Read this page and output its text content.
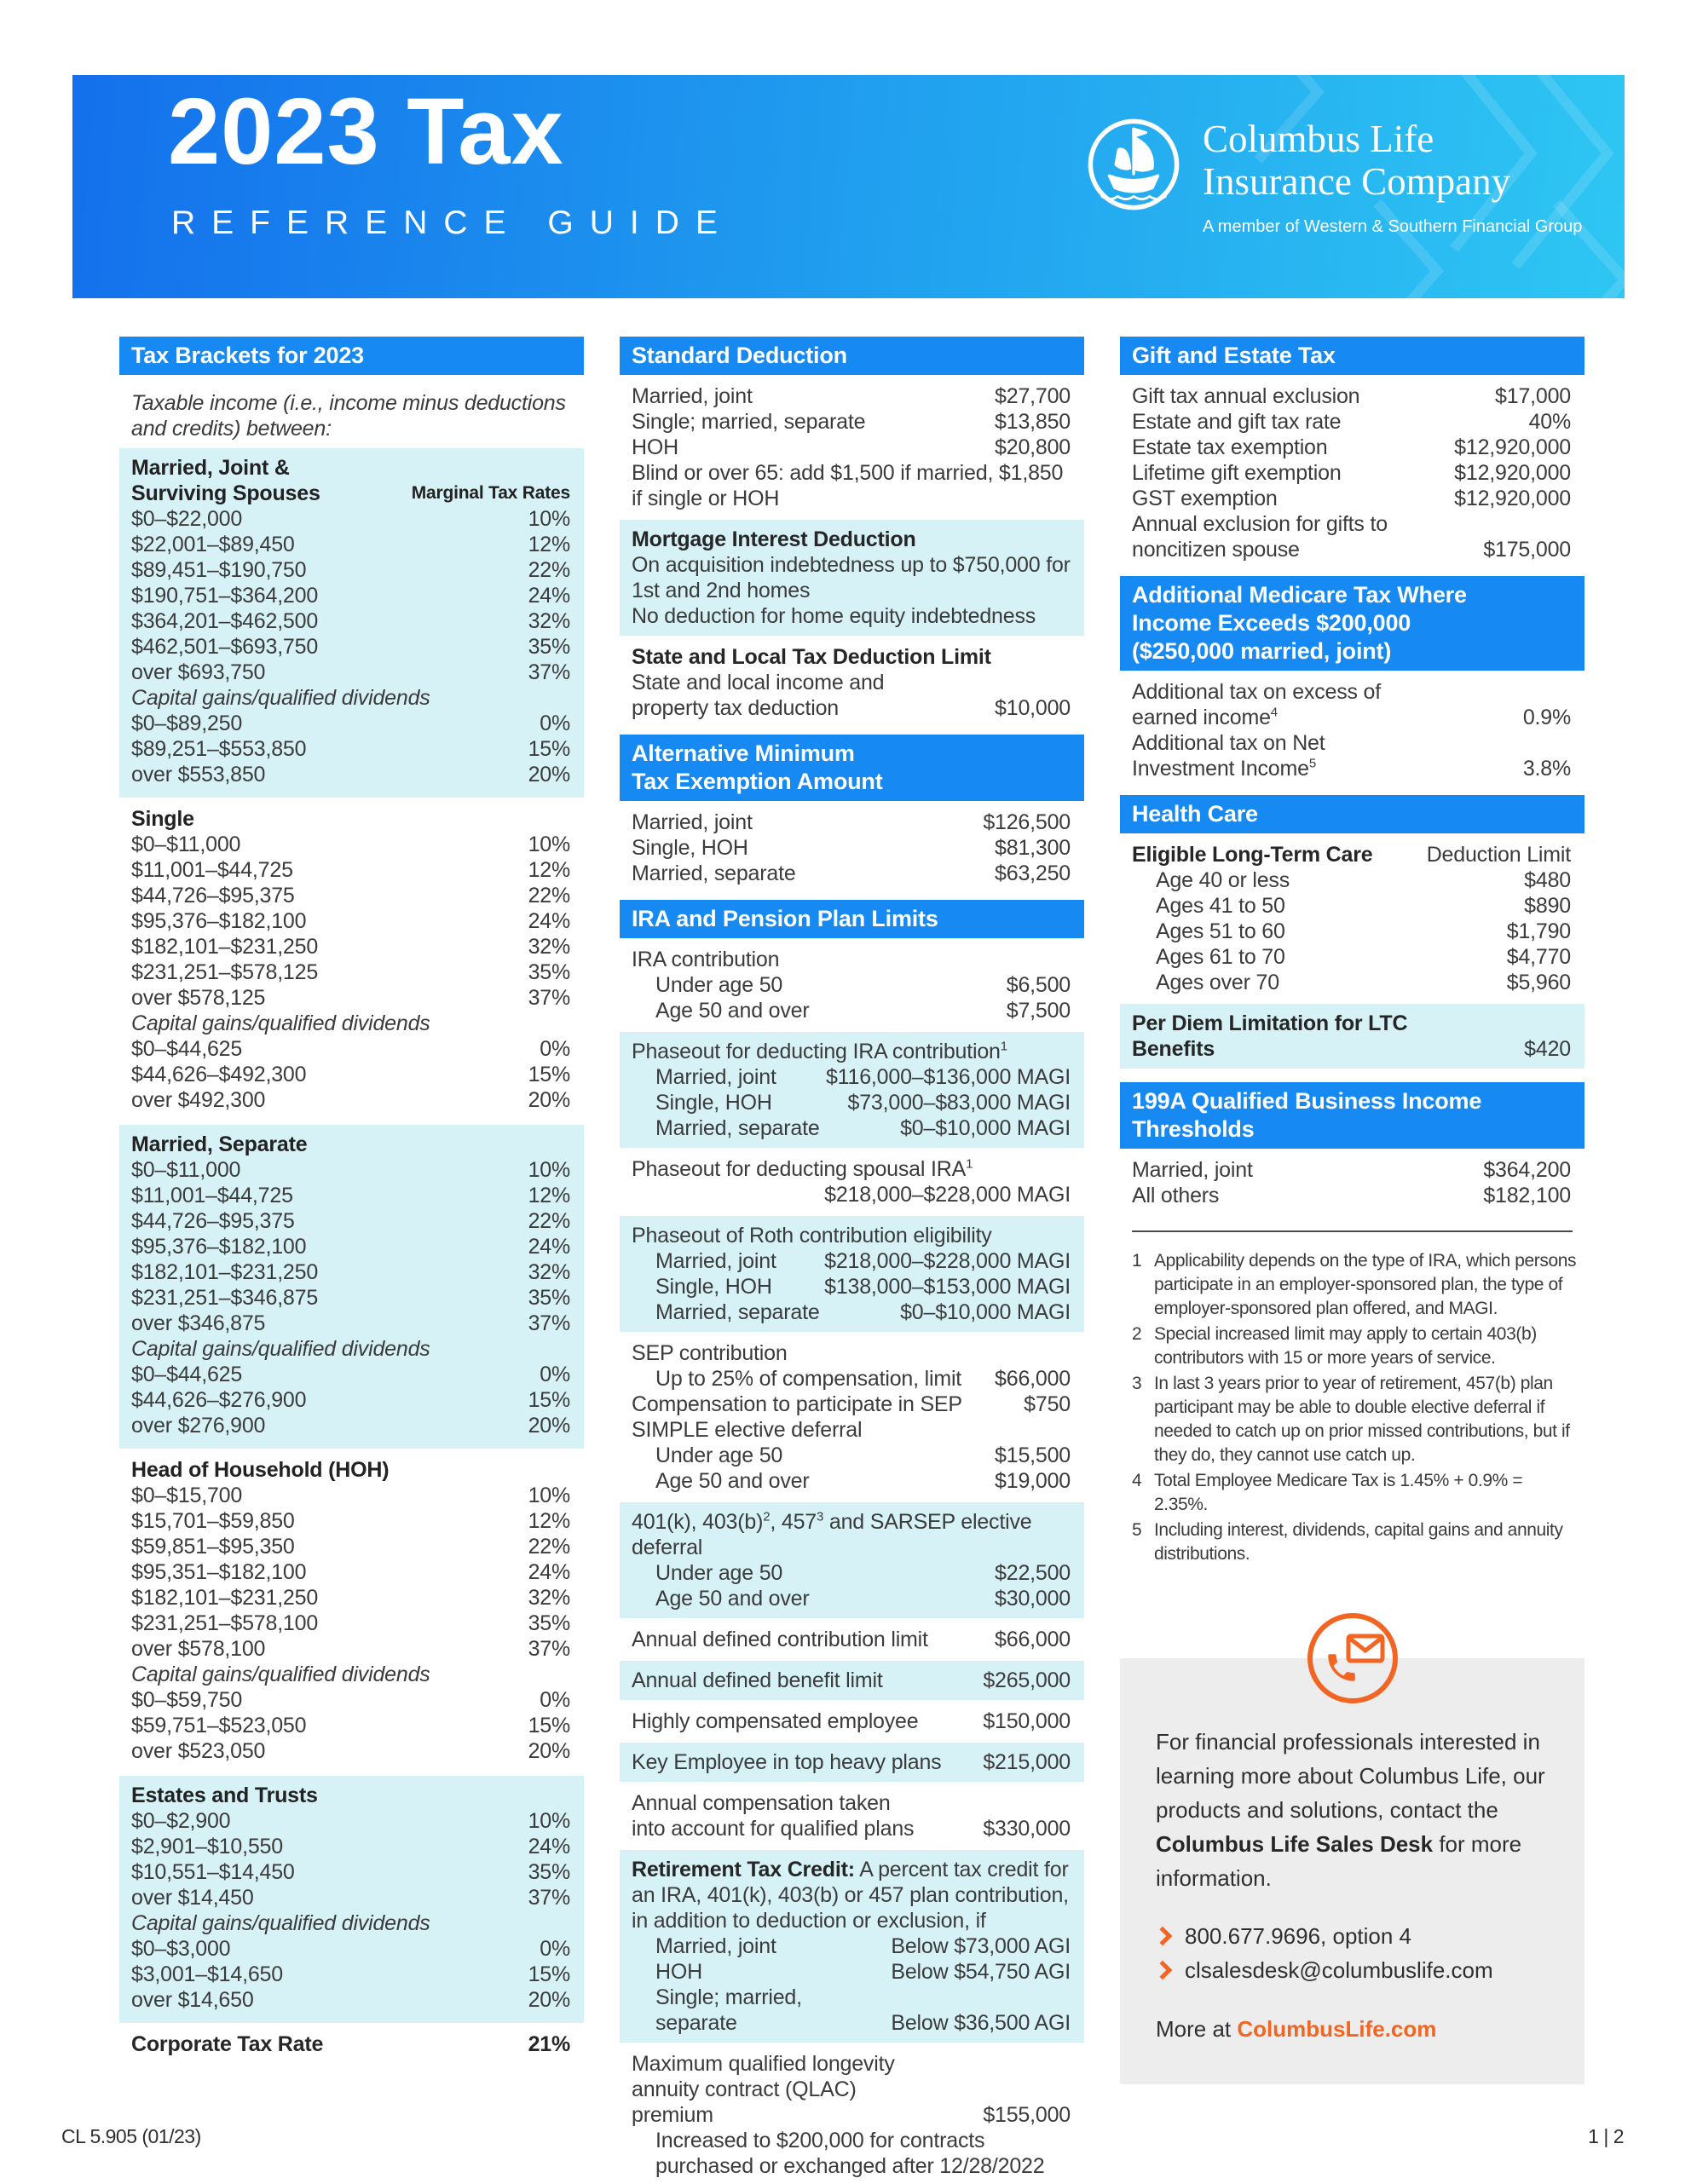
2023 Tax
REFERENCE GUIDE
Columbus Life
Insurance Company
A member of Western & Southern Financial Group
Tax Brackets for 2023
Taxable income (i.e., income minus deductions and credits) between:
Married, Joint &
Surviving Spouses	Marginal Tax Rates
$0–$22,000	10%
$22,001–$89,450	12%
$89,451–$190,750	22%
$190,751–$364,200	24%
$364,201–$462,500	32%
$462,501–$693,750	35%
over $693,750	37%
Capital gains/qualified dividends
$0–$89,250	0%
$89,251–$553,850	15%
over $553,850	20%
Single
$0–$11,000	10%
$11,001–$44,725	12%
$44,726–$95,375	22%
$95,376–$182,100	24%
$182,101–$231,250	32%
$231,251–$578,125	35%
over $578,125	37%
Capital gains/qualified dividends
$0–$44,625	0%
$44,626–$492,300	15%
over $492,300	20%
Married, Separate
$0–$11,000	10%
$11,001–$44,725	12%
$44,726–$95,375	22%
$95,376–$182,100	24%
$182,101–$231,250	32%
$231,251–$346,875	35%
over $346,875	37%
Capital gains/qualified dividends
$0–$44,625	0%
$44,626–$276,900	15%
over $276,900	20%
Head of Household (HOH)
$0–$15,700	10%
$15,701–$59,850	12%
$59,851–$95,350	22%
$95,351–$182,100	24%
$182,101–$231,250	32%
$231,251–$578,100	35%
over $578,100	37%
Capital gains/qualified dividends
$0–$59,750	0%
$59,751–$523,050	15%
over $523,050	20%
Estates and Trusts
$0–$2,900	10%
$2,901–$10,550	24%
$10,551–$14,450	35%
over $14,450	37%
Capital gains/qualified dividends
$0–$3,000	0%
$3,001–$14,650	15%
over $14,650	20%
Corporate Tax Rate	21%
Standard Deduction
Married, joint	$27,700
Single; married, separate	$13,850
HOH	$20,800
Blind or over 65: add $1,500 if married, $1,850 if single or HOH
Mortgage Interest Deduction
On acquisition indebtedness up to $750,000 for 1st and 2nd homes
No deduction for home equity indebtedness
State and Local Tax Deduction Limit
State and local income and property tax deduction	$10,000
Alternative Minimum
Tax Exemption Amount
Married, joint	$126,500
Single, HOH	$81,300
Married, separate	$63,250
IRA and Pension Plan Limits
IRA contribution
Under age 50	$6,500
Age 50 and over	$7,500
Phaseout for deducting IRA contribution$^1$
Married, joint $116,000–$136,000 MAGI
Single, HOH	$73,000–$83,000 MAGI
Married, separate	$0–$10,000 MAGI
Phaseout for deducting spousal IRA$^1$
$218,000–$228,000 MAGI
Phaseout of Roth contribution eligibility
Married, joint $218,000–$228,000 MAGI
Single, HOH $138,000–$153,000 MAGI
Married, separate	$0–$10,000 MAGI
SEP contribution
Up to 25% of compensation, limit $66,000
Compensation to participate in SEP	$750
SIMPLE elective deferral
Under age 50	$15,500
Age 50 and over	$19,000
401(k), $403(b)^2$, $457^3$ and SARSEP elective deferral
Under age 50	$22,500
Age 50 and over	$30,000
Annual defined contribution limit	$66,000
Annual defined benefit limit	$265,000
Highly compensated employee	$150,000
Key Employee in top heavy plans $215,000
Annual compensation taken into account for qualified plans	$330,000
Retirement Tax Credit: A percent tax credit for an IRA, 401(k), 403(b) or 457 plan contribution, in addition to deduction or exclusion, if
Married, joint	Below $73,000 AGI
HOH	Below $54,750 AGI
Single; married, separate	Below $36,500 AGI
Maximum qualified longevity annuity contract (QLAC) premium	$155,000
Increased to $200,000 for contracts purchased or exchanged after 12/28/2022
Gift and Estate Tax
Gift tax annual exclusion	$17,000
Estate and gift tax rate	40%
Estate tax exemption	$12,920,000
Lifetime gift exemption	$12,920,000
GST exemption	$12,920,000
Annual exclusion for gifts to noncitizen spouse	$175,000
Additional Medicare Tax Where
Income Exceeds $200,000
($250,000 married, joint)
Additional tax on excess of earned income$^4$	0.9%
Additional tax on Net Investment Income$^5$	3.8%
Health Care
Eligible Long-Term Care	Deduction Limit
Age 40 or less	$480
Ages 41 to 50	$890
Ages 51 to 60	$1,790
Ages 61 to 70	$4,770
Ages over 70	$5,960
Per Diem Limitation for LTC Benefits	$420
199A Qualified Business Income
Thresholds
Married, joint	$364,200
All others	$182,100
1 Applicability depends on the type of IRA, which persons participate in an employer-sponsored plan, the type of employer-sponsored plan offered, and MAGI.
2 Special increased limit may apply to certain 403(b) contributors with 15 or more years of service.
3 In last 3 years prior to year of retirement, 457(b) plan participant may be able to double elective deferral if needed to catch up on prior missed contributions, but if they do, they cannot use catch up.
4 Total Employee Medicare Tax is 1.45% + 0.9% = 2.35%.
5 Including interest, dividends, capital gains and annuity distributions.
For financial professionals interested in learning more about Columbus Life, our products and solutions, contact the Columbus Life Sales Desk for more information.
800.677.9696, option 4
clsalesdesk@columbuslife.com
More at ColumbusLife.com
CL 5.905 (01/23)	1 | 2
